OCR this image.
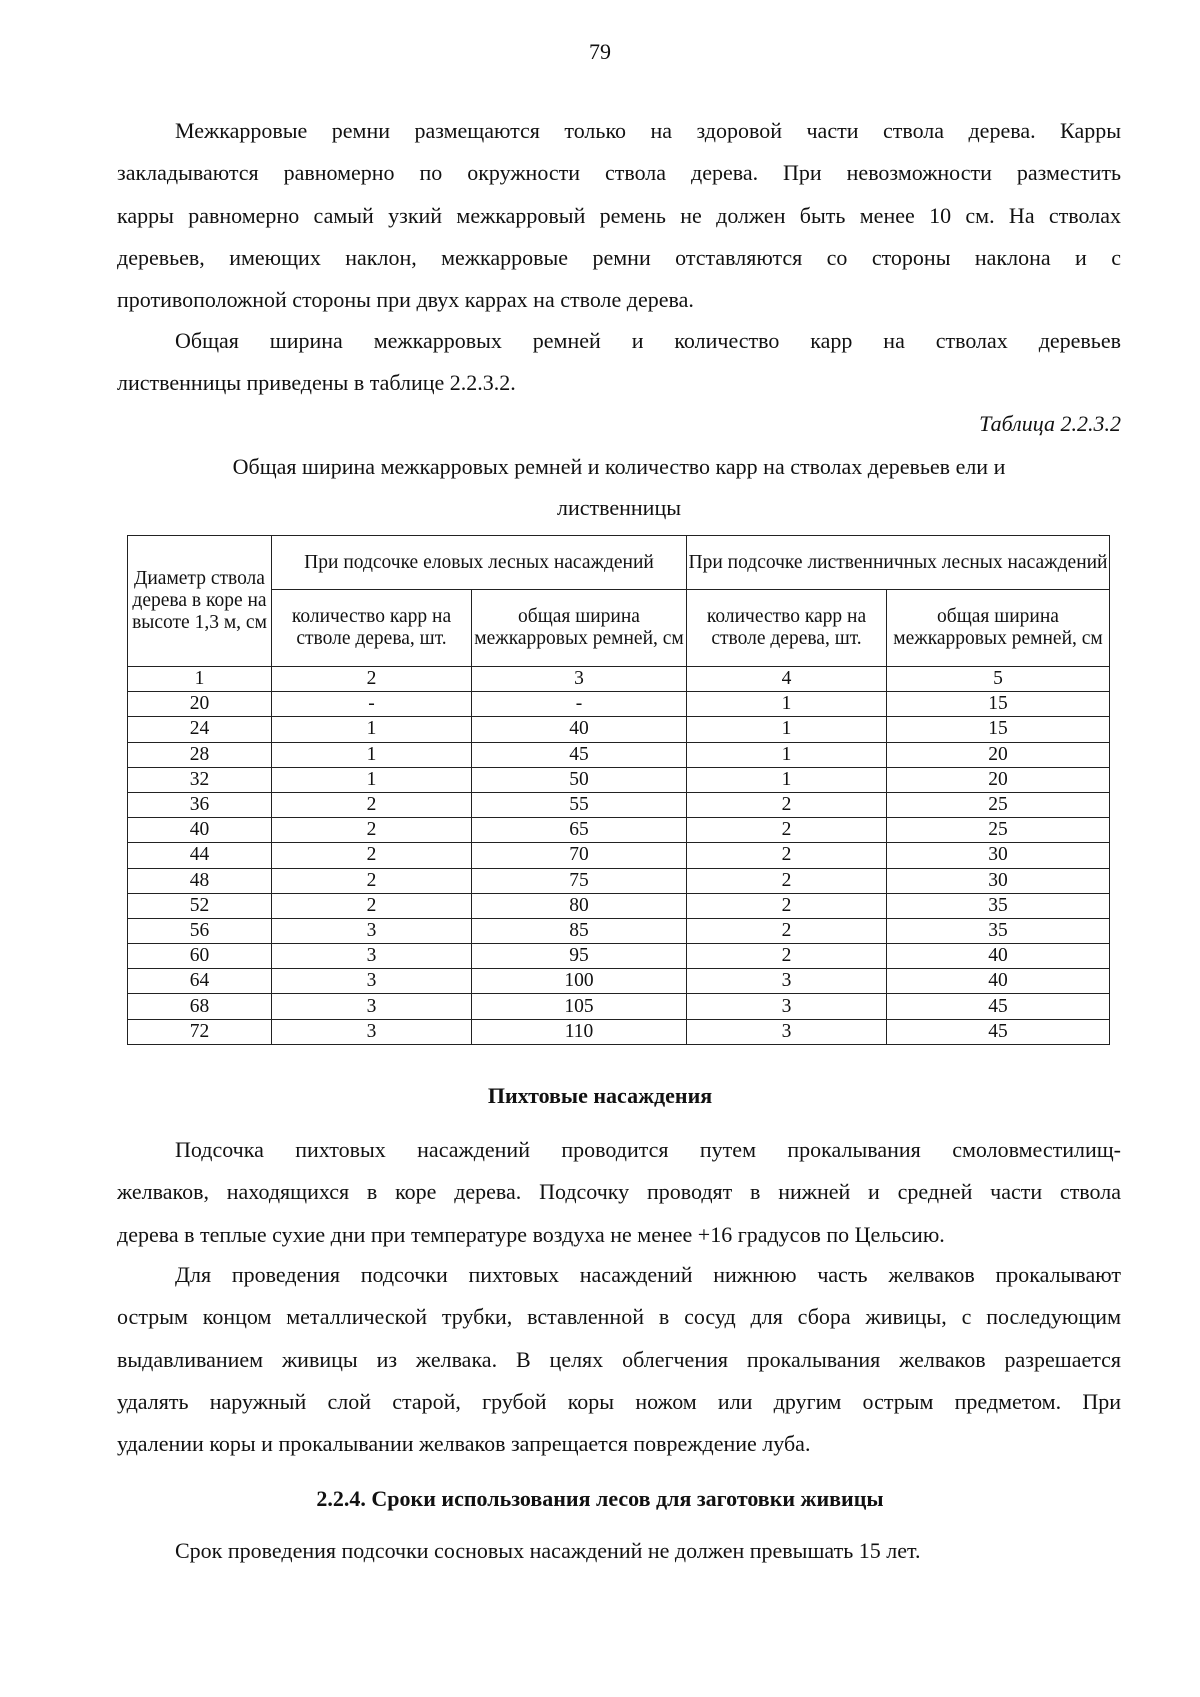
79
Межкарровые ремни размещаются только на здоровой части ствола дерева. Карры
закладываются равномерно по окружности ствола дерева. При невозможности разместить
карры равномерно самый узкий межкарровый ремень не должен быть менее 10 см. На стволах
деревьев, имеющих наклон, межкарровые ремни отставляются со стороны наклона и с
противоположной стороны при двух каррах на стволе дерева.
Общая ширина межкарровых ремней и количество карр на стволах деревьев
лиственницы приведены в таблице 2.2.3.2.
Таблица 2.2.3.2
Общая ширина межкарровых ремней и количество карр на стволах деревьев ели и
лиственницы
Диаметр ствола дерева в коре на высоте 1,3 м, см	При подсочке еловых лесных насаждений		При подсочке лиственничных лесных насаждений	
	количество карр на стволе дерева, шт.	общая ширина межкарровых ремней, см	количество карр на стволе дерева, шт.	общая ширина межкарровых ремней, см
1	2	3	4	5
20	-	-	1	15
24	1	40	1	15
28	1	45	1	20
32	1	50	1	20
36	2	55	2	25
40	2	65	2	25
44	2	70	2	30
48	2	75	2	30
52	2	80	2	35
56	3	85	2	35
60	3	95	2	40
64	3	100	3	40
68	3	105	3	45
72	3	110	3	45
Пихтовые насаждения
Подсочка пихтовых насаждений проводится путем прокалывания смоловместилищ-
желваков, находящихся в коре дерева. Подсочку проводят в нижней и средней части ствола
дерева в теплые сухие дни при температуре воздуха не менее +16 градусов по Цельсию.
Для проведения подсочки пихтовых насаждений нижнюю часть желваков прокалывают
острым концом металлической трубки, вставленной в сосуд для сбора живицы, с последующим
выдавливанием живицы из желвака. В целях облегчения прокалывания желваков разрешается
удалять наружный слой старой, грубой коры ножом или другим острым предметом. При
удалении коры и прокалывании желваков запрещается повреждение луба.
2.2.4. Сроки использования лесов для заготовки живицы
Срок проведения подсочки сосновых насаждений не должен превышать 15 лет.
